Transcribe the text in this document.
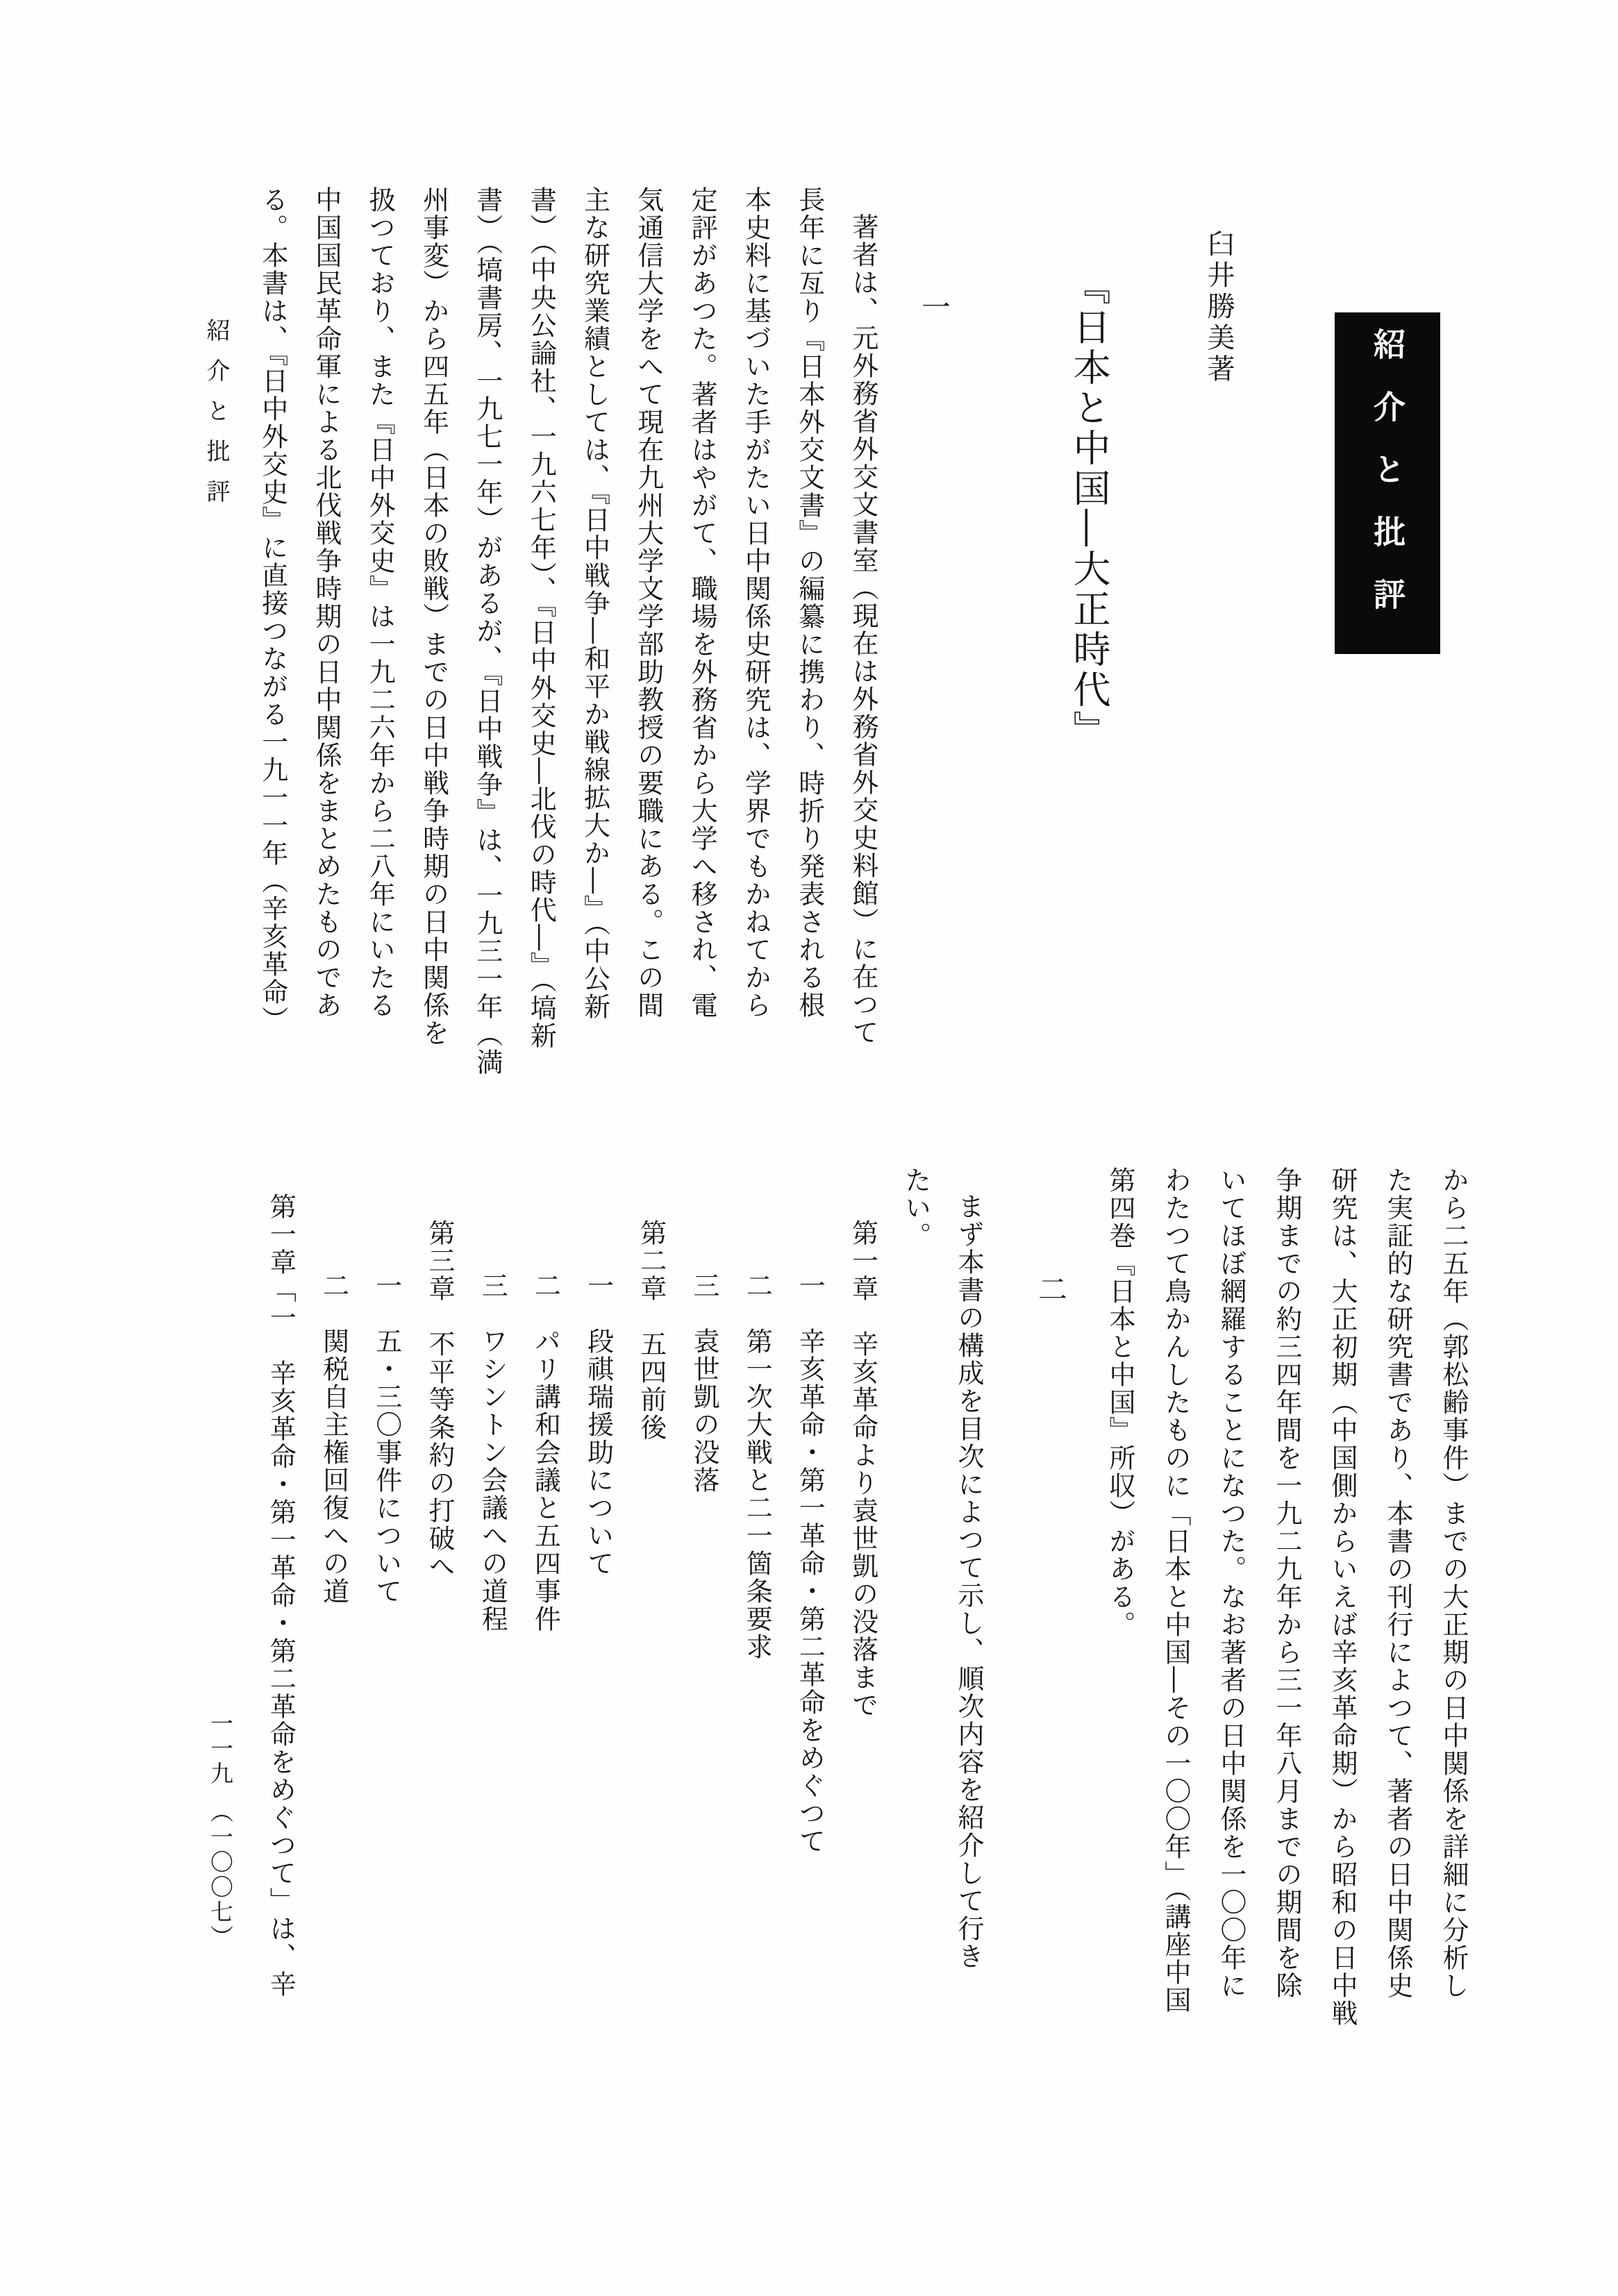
紹介と批評	紹介と批評
臼井勝美著
『日本と中国―大正時代』
一
著者は、元外務省外交文書室（現在は外務省外交史料館）に在つて
長年に亙り『日本外交文書』の編纂に携わり、時折り発表される根
本史料に基づいた手がたい日中関係史研究は、学界でもかねてから
定評があつた。著者はやがて、職場を外務省から大学へ移され、電
気通信大学をへて現在九州大学文学部助教授の要職にある。この間
主な研究業績としては、『日中戦争―和平か戦線拡大か―』（中公新
書）（中央公論社、一九六七年）、『日中外交史―北伐の時代―』（塙新
書）（塙書房、一九七一年）があるが、『日中戦争』は、一九三一年（満
州事変）から四五年（日本の敗戦）までの日中戦争時期の日中関係を
扱つており、また『日中外交史』は一九二六年から二八年にいたる
中国国民革命軍による北伐戦争時期の日中関係をまとめたものであ
る。本書は、『日中外交史』に直接つながる一九一一年（辛亥革命）
二	から二五年（郭松齢事件）までの大正期の日中関係を詳細に分析し
た実証的な研究書であり、本書の刊行によつて、著者の日中関係史
研究は、大正初期（中国側からいえば辛亥革命期）から昭和の日中戦
争期までの約三四年間を一九二九年から三一年八月までの期間を除
いてほぼ網羅することになつた。なお著者の日中関係を一〇〇年に
わたつて鳥かんしたものに「日本と中国―その一〇〇年」（講座中国
第四巻『日本と中国』所収）がある。
まず本書の構成を目次によつて示し、順次内容を紹介して行き
たい。
第一章　辛亥革命より袁世凱の没落まで
一　辛亥革命・第一革命・第二革命をめぐつて
二　第一次大戦と二一箇条要求
三　袁世凱の没落
第二章　五四前後
一　段祺瑞援助について
二　パリ講和会議と五四事件
三　ワシントン会議への道程
第三章　不平等条約の打破へ
一　五・三〇事件について
二　関税自主権回復への道
第一章「一　辛亥革命・第一革命・第二革命をめぐつて」は、辛
一一九　（一〇〇七）
